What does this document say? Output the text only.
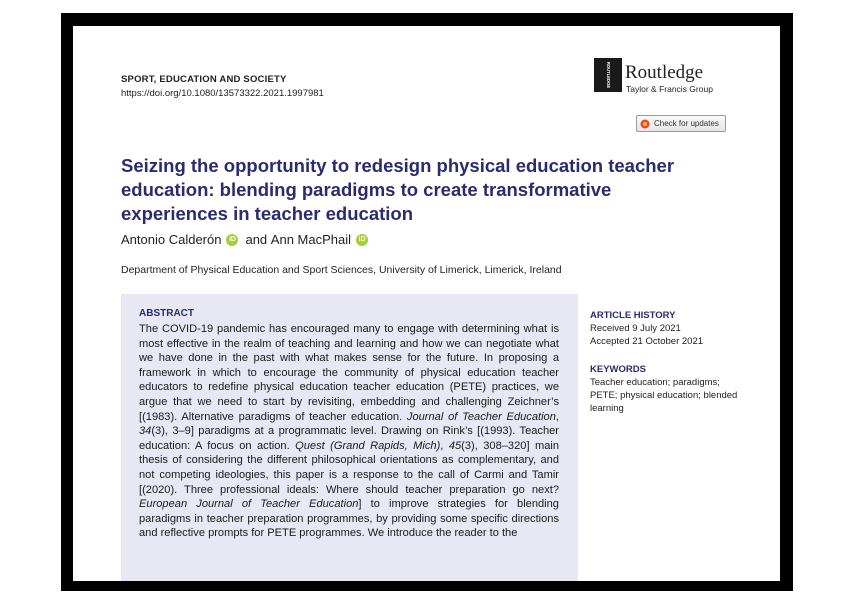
SPORT, EDUCATION AND SOCIETY
https://doi.org/10.1080/13573322.2021.1997981
ROUTLEDGE Routledge
Taylor & Francis Group
Check for updates
Seizing the opportunity to redesign physical education teacher education: blending paradigms to create transformative experiences in teacher education
Antonio Calderón	iD and
Ann MacPhail	iD
Department of Physical Education and Sport Sciences, University of Limerick, Limerick, Ireland
ABSTRACT

The COVID-19 pandemic has encouraged many to engage with determining what is most effective in the realm of teaching and learning and how we can negotiate what we have done in the past with what makes sense for the future. In proposing a framework in which to encourage the community of physical education teacher educators to redefine physical education teacher education (PETE) practices, we argue that we need to start by revisiting, embedding and challenging Zeichner’s [(1983). Alternative paradigms of teacher education. Journal of Teacher Education, 34(3), 3–9] paradigms at a programmatic level. Drawing on Rink’s [(1993). Teacher education: A focus on action. Quest (Grand Rapids, Mich), 45(3), 308–320] main thesis of considering the different philosophical orientations as complementary, and not competing ideologies, this paper is a response to the call of Carmi and Tamir [(2020). Three professional ideals: Where should teacher preparation go next? European Journal of Teacher Education] to improve strategies for blending paradigms in teacher preparation programmes, by providing some specific directions and reflective prompts for PETE programmes. We introduce the reader to the

ARTICLE HISTORY
Received 9 July 2021
Accepted 21 October 2021
KEYWORDS
Teacher education; paradigms; PETE; physical education; blended learning
